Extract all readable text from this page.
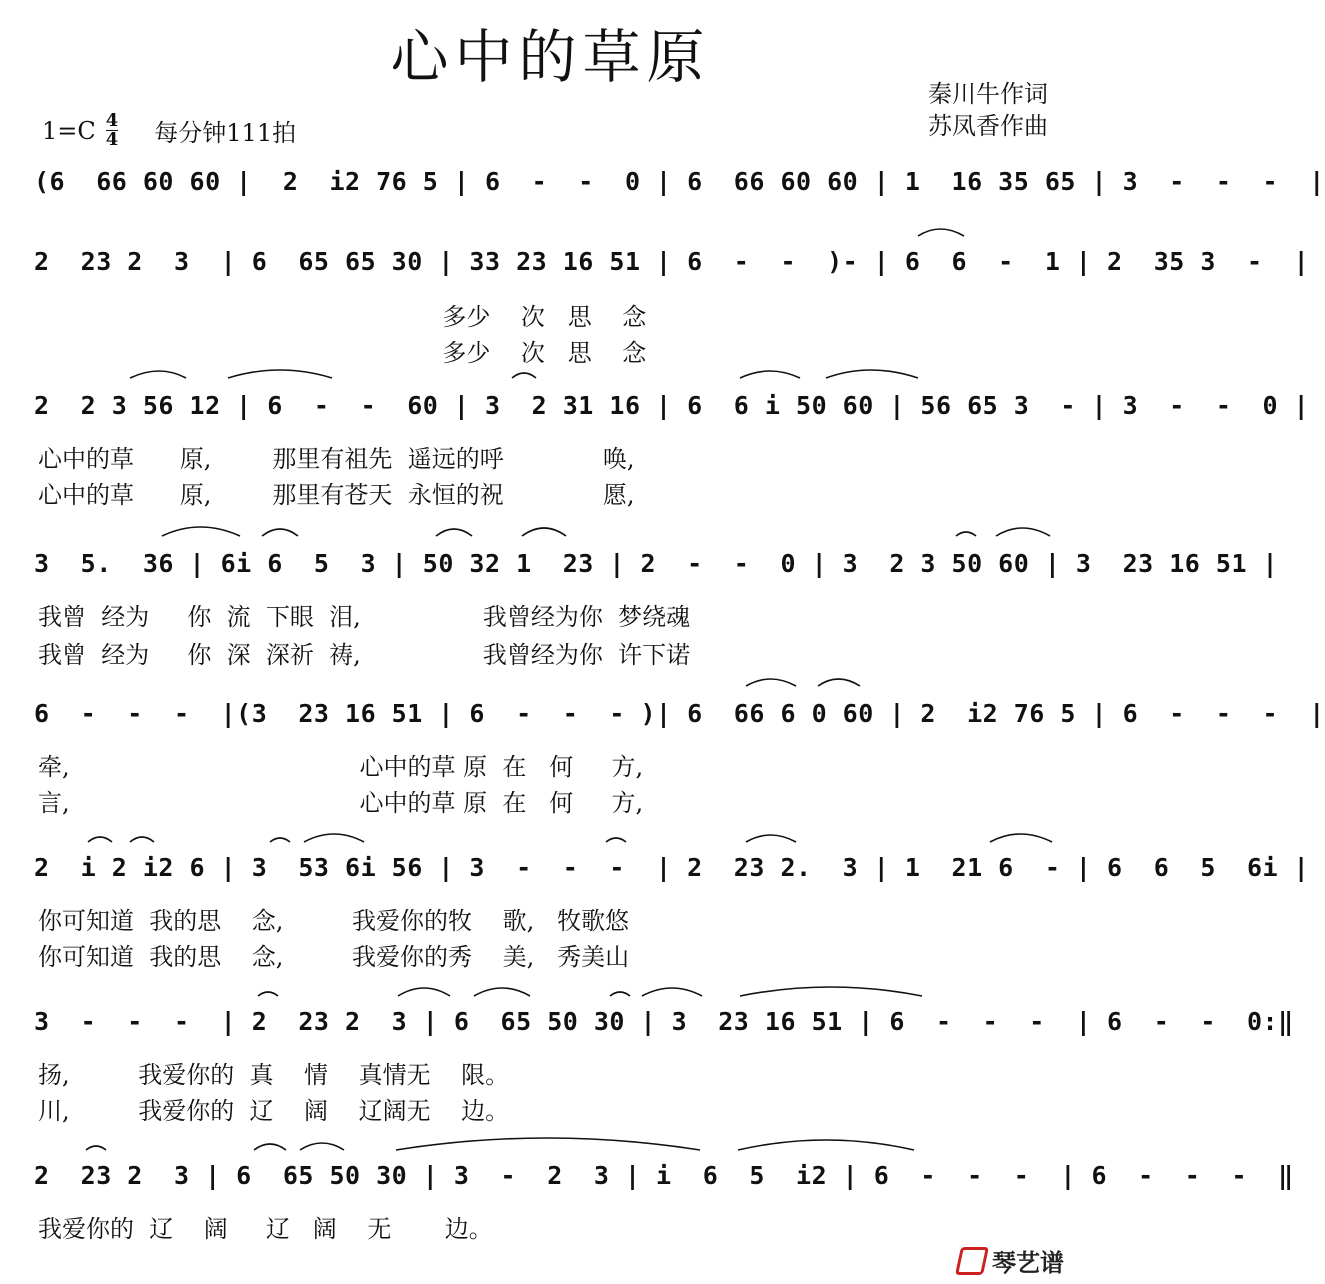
心中的草原
秦川牛作词
苏凤香作曲
$1=C \frac{4}{4}$ 每分钟111拍
(6  66 60 60 |  2  i2 76 5 | 6  -  -  0 | 6  66 60 60 | 1  16 35 65 | 3  -  -  -  |
2  23 2  3  | 6  65 65 30 | 33 23 16 51 | 6  -  -  )- | 6  6  -  1 | 2  35 3  -  |
多少    次   思    念
多少    次   思    念
2  2 3 56 12 | 6  -  -  60 | 3  2 31 16 | 6  6 i 50 60 | 56 65 3  - | 3  -  -  0 |
心中的草      原,        那里有祖先  遥远的呼             唤,
心中的草      原,        那里有苍天  永恒的祝             愿,
3  5.  36 | 6i 6  5  3 | 50 32 1  23 | 2  -  -  0 | 3  2 3 50 60 | 3  23 16 51 |
我曾  经为     你  流  下眼  泪,                我曾经为你  梦绕魂
我曾  经为     你  深  深祈  祷,                我曾经为你  许下诺
6  -  -  -  |(3  23 16 51 | 6  -  -  - )| 6  66 6 0 60 | 2  i2 76 5 | 6  -  -  -  |
牵,                                      心中的草 原  在   何     方,
言,                                      心中的草 原  在   何     方,
2  i 2 i2 6 | 3  53 6i 56 | 3  -  -  -  | 2  23 2.  3 | 1  21 6  - | 6  6  5  6i |
你可知道  我的思    念,         我爱你的牧    歌,   牧歌悠
你可知道  我的思    念,         我爱你的秀    美,   秀美山
3  -  -  -  | 2  23 2  3 | 6  65 50 30 | 3  23 16 51 | 6  -  -  -  | 6  -  -  0:‖
扬,         我爱你的  真    情    真情无    限。
川,         我爱你的  辽    阔    辽阔无    边。
2  23 2  3 | 6  65 50 30 | 3  -  2  3 | i  6  5  i2 | 6  -  -  -  | 6  -  -  -  ‖
我爱你的  辽    阔     辽   阔    无       边。
琴艺谱
